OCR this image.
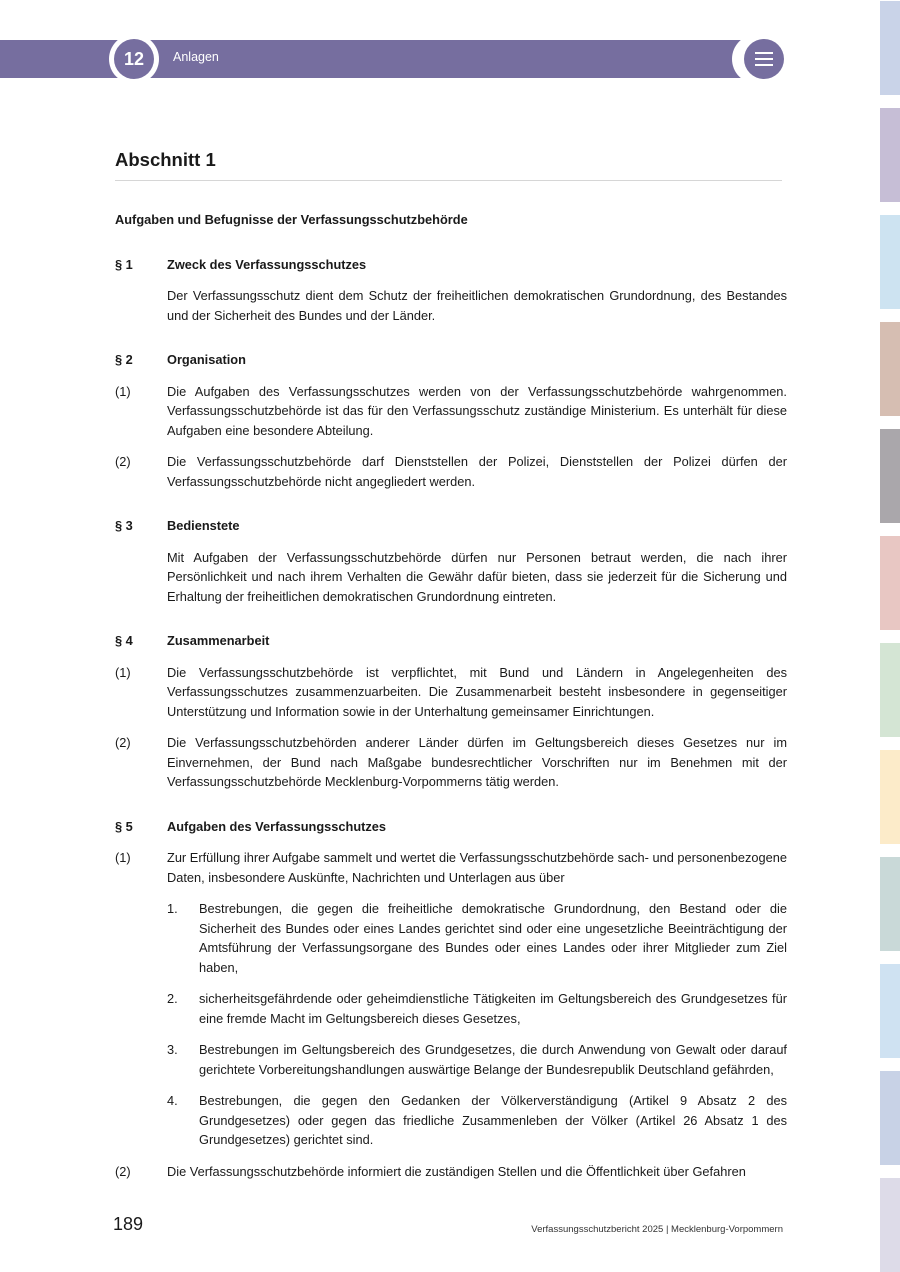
12	Anlagen
Abschnitt 1
Aufgaben und Befugnisse der Verfassungsschutzbehörde
§ 1	Zweck des Verfassungsschutzes
Der Verfassungsschutz dient dem Schutz der freiheitlichen demokratischen Grundordnung, des Bestandes und der Sicherheit des Bundes und der Länder.
§ 2	Organisation
(1)	Die Aufgaben des Verfassungsschutzes werden von der Verfassungsschutzbehörde wahrgenommen. Verfassungsschutzbehörde ist das für den Verfassungsschutz zuständige Ministerium. Es unterhält für diese Aufgaben eine besondere Abteilung.
(2)	Die Verfassungsschutzbehörde darf Dienststellen der Polizei, Dienststellen der Polizei dürfen der Verfassungsschutzbehörde nicht angegliedert werden.
§ 3	Bedienstete
Mit Aufgaben der Verfassungsschutzbehörde dürfen nur Personen betraut werden, die nach ihrer Persönlichkeit und nach ihrem Verhalten die Gewähr dafür bieten, dass sie jederzeit für die Sicherung und Erhaltung der freiheitlichen demokratischen Grundordnung eintreten.
§ 4	Zusammenarbeit
(1)	Die Verfassungsschutzbehörde ist verpflichtet, mit Bund und Ländern in Angelegenheiten des Verfassungsschutzes zusammenzuarbeiten. Die Zusammenarbeit besteht insbesondere in gegenseitiger Unterstützung und Information sowie in der Unterhaltung gemeinsamer Einrichtungen.
(2)	Die Verfassungsschutzbehörden anderer Länder dürfen im Geltungsbereich dieses Gesetzes nur im Einvernehmen, der Bund nach Maßgabe bundesrechtlicher Vorschriften nur im Benehmen mit der Verfassungsschutzbehörde Mecklenburg-Vorpommerns tätig werden.
§ 5	Aufgaben des Verfassungsschutzes
(1)	Zur Erfüllung ihrer Aufgabe sammelt und wertet die Verfassungsschutzbehörde sach- und personenbezogene Daten, insbesondere Auskünfte, Nachrichten und Unterlagen aus über
1. Bestrebungen, die gegen die freiheitliche demokratische Grundordnung, den Bestand oder die Sicherheit des Bundes oder eines Landes gerichtet sind oder eine ungesetzliche Beeinträchtigung der Amtsführung der Verfassungsorgane des Bundes oder eines Landes oder ihrer Mitglieder zum Ziel haben,
2. sicherheitsgefährdende oder geheimdienstliche Tätigkeiten im Geltungsbereich des Grundgesetzes für eine fremde Macht im Geltungsbereich dieses Gesetzes,
3. Bestrebungen im Geltungsbereich des Grundgesetzes, die durch Anwendung von Gewalt oder darauf gerichtete Vorbereitungshandlungen auswärtige Belange der Bundesrepublik Deutschland gefährden,
4. Bestrebungen, die gegen den Gedanken der Völkerverständigung (Artikel 9 Absatz 2 des Grundgesetzes) oder gegen das friedliche Zusammenleben der Völker (Artikel 26 Absatz 1 des Grundgesetzes) gerichtet sind.
(2)	Die Verfassungsschutzbehörde informiert die zuständigen Stellen und die Öffentlichkeit über Gefahren
189	Verfassungsschutzbericht 2025 | Mecklenburg-Vorpommern
